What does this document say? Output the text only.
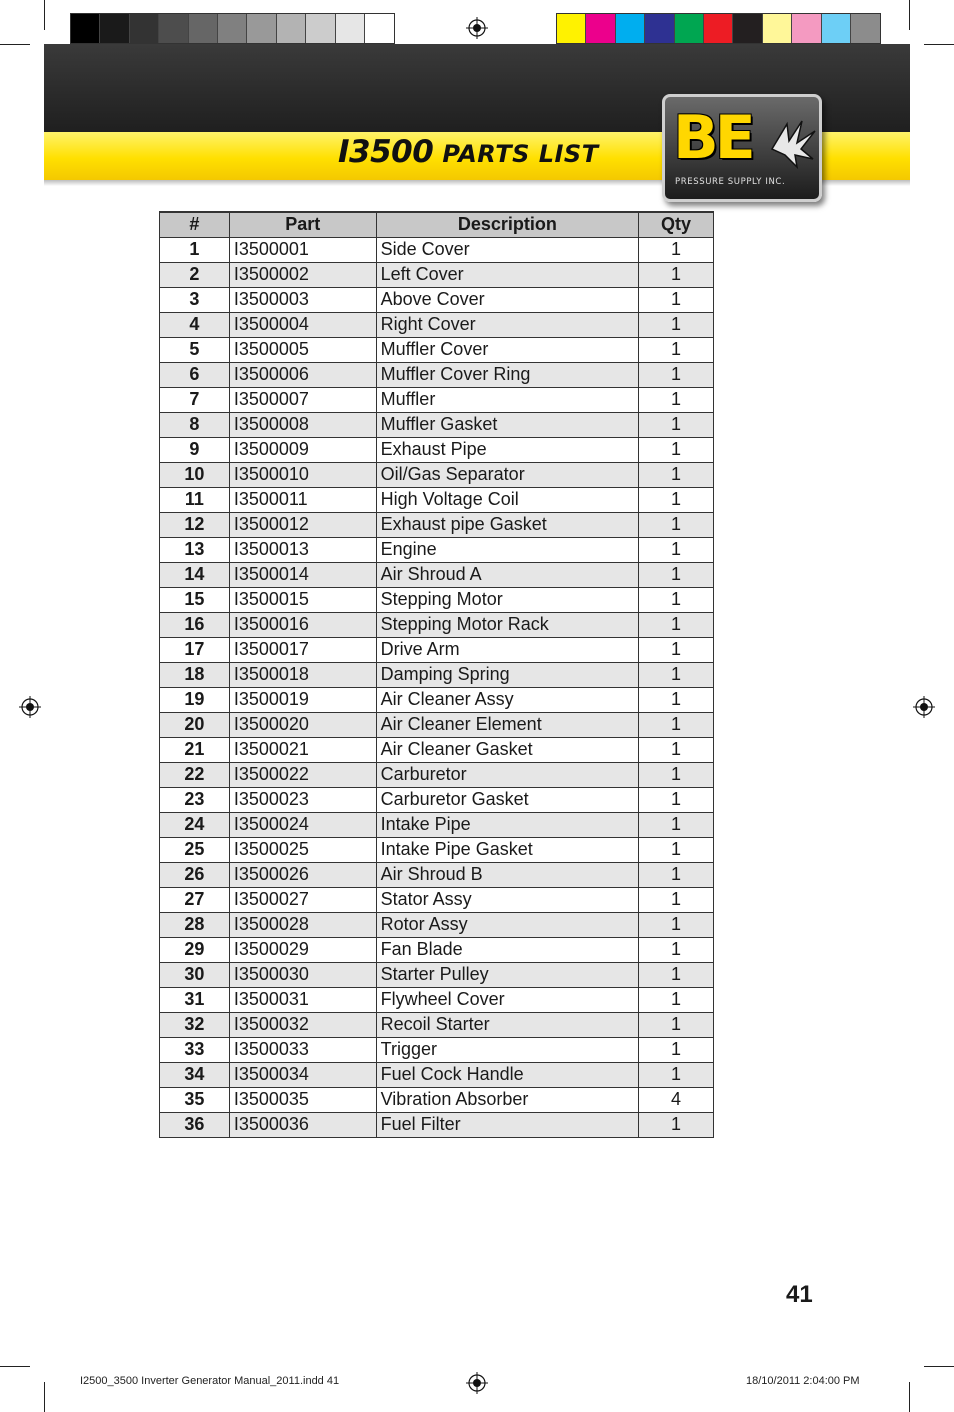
I3500 PARTS LIST BE
PRESSURE SUPPLY INC.
#	Part	Description	Qty
1	I3500001	Side Cover	1
2	I3500002	Left Cover	1
3	I3500003	Above Cover	1
4	I3500004	Right Cover	1
5	I3500005	Muffler Cover	1
6	I3500006	Muffler Cover Ring	1
7	I3500007	Muffler	1
8	I3500008	Muffler Gasket	1
9	I3500009	Exhaust Pipe	1
10	I3500010	Oil/Gas Separator	1
11	I3500011	High Voltage Coil	1
12	I3500012	Exhaust pipe Gasket	1
13	I3500013	Engine	1
14	I3500014	Air Shroud A	1
15	I3500015	Stepping Motor	1
16	I3500016	Stepping Motor Rack	1
17	I3500017	Drive Arm	1
18	I3500018	Damping Spring	1
19	I3500019	Air Cleaner Assy	1
20	I3500020	Air Cleaner Element	1
21	I3500021	Air Cleaner Gasket	1
22	I3500022	Carburetor	1
23	I3500023	Carburetor Gasket	1
24	I3500024	Intake Pipe	1
25	I3500025	Intake Pipe Gasket	1
26	I3500026	Air Shroud B	1
27	I3500027	Stator Assy	1
28	I3500028	Rotor Assy	1
29	I3500029	Fan Blade	1
30	I3500030	Starter Pulley	1
31	I3500031	Flywheel Cover	1
32	I3500032	Recoil Starter	1
33	I3500033	Trigger	1
34	I3500034	Fuel Cock Handle	1
35	I3500035	Vibration Absorber	4
36	I3500036	Fuel Filter	1
41
I2500_3500 Inverter Generator Manual_2011.indd 41	18/10/2011 2:04:00 PM
